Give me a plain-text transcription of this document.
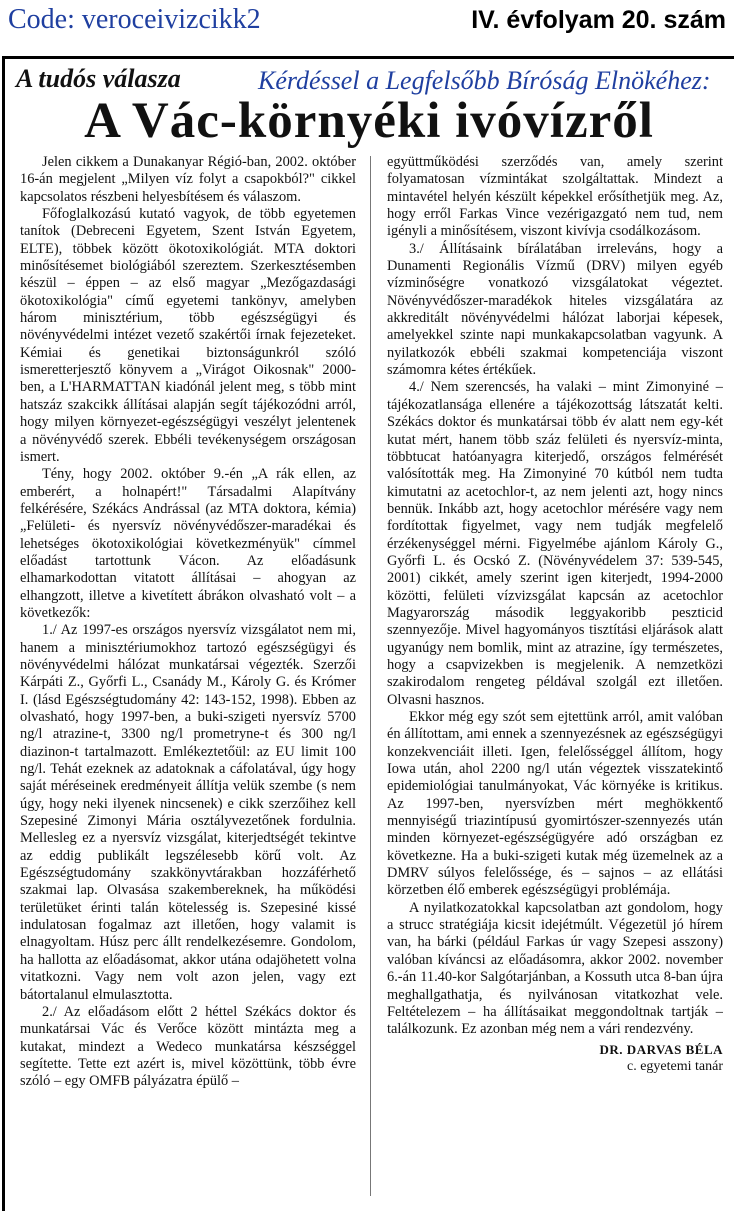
Code: veroceivizcikk2	IV. évfolyam 20. szám
A tudós válasza	Kérdéssel a Legfelsőbb Bíróság Elnökéhez:
A Vác-környéki ivóvízről

Jelen cikkem a Dunakanyar Régió-ban, 2002. október 16-án megjelent „Milyen víz folyt a csapokból?" cikkel kapcsolatos részbeni helyesbítésem és válaszom.

Főfoglalkozású kutató vagyok, de több egyetemen tanítok (Debreceni Egyetem, Szent István Egyetem, ELTE), többek között ökotoxikológiát. MTA doktori minősítésemet biológiából szereztem. Szerkesztésemben készül – éppen – az első magyar „Mezőgazdasági ökotoxikológia" című egyetemi tankönyv, amelyben három minisztérium, több egészségügyi és növényvédelmi intézet vezető szakértői írnak fejezeteket. Kémiai és genetikai biztonságunkról szóló ismeretterjesztő könyvem a „Virágot Oikosnak" 2000-ben, a L'HARMATTAN kiadónál jelent meg, s több mint hatszáz szakcikk állításai alapján segít tájékozódni arról, hogy milyen környezet-egészségügyi veszélyt jelentenek a növényvédő szerek. Ebbéli tevékenységem országosan ismert.

Tény, hogy 2002. október 9.-én „A rák ellen, az emberért, a holnapért!" Társadalmi Alapítvány felkérésére, Székács Andrással (az MTA doktora, kémia) „Felületi- és nyersvíz növényvédőszer-maradékai és lehetséges ökotoxikológiai következményük" címmel előadást tartottunk Vácon. Az előadásunk elhamarkodottan vitatott állításai – ahogyan az elhangzott, illetve a kivetített ábrákon olvasható volt – a következők:

1./ Az 1997-es országos nyersvíz vizsgálatot nem mi, hanem a minisztériumokhoz tartozó egészségügyi és növényvédelmi hálózat munkatársai végezték. Szerzői Kárpáti Z., Győrfi L., Csanády M., Károly G. és Krómer I. (lásd Egészségtudomány 42: 143-152, 1998). Ebben az olvasható, hogy 1997-ben, a buki-szigeti nyersvíz 5700 ng/l atrazine-t, 3300 ng/l prometryne-t és 300 ng/l diazinon-t tartalmazott. Emlékeztetőül: az EU limit 100 ng/l. Tehát ezeknek az adatoknak a cáfolatával, úgy hogy saját méréseinek eredményeit állítja velük szembe (s nem úgy, hogy neki ilyenek nincsenek) e cikk szerzőihez kell Szepesiné Zimonyi Mária osztályvezetőnek fordulnia. Mellesleg ez a nyersvíz vizsgálat, kiterjedtségét tekintve az eddig publikált legszélesebb körű volt. Az Egészségtudomány szakkönyvtárakban hozzáférhető szakmai lap. Olvasása szakembereknek, ha működési területüket érinti talán kötelesség is. Szepesiné kissé indulatosan fogalmaz azt illetően, hogy valamit is elnagyoltam. Húsz perc állt rendelkezésemre. Gondolom, ha hallotta az előadásomat, akkor utána odajöhetett volna vitatkozni. Vagy nem volt azon jelen, vagy ezt bátortalanul elmulasztotta.

2./ Az előadásom előtt 2 héttel Székács doktor és munkatársai Vác és Verőce között mintázta meg a kutakat, mindezt a Wedeco munkatársa készséggel segítette. Tette ezt azért is, mivel közöttünk, több évre szóló – egy OMFB pályázatra épülő –

együttműködési szerződés van, amely szerint folyamatosan vízmintákat szolgáltattak. Mindezt a mintavétel helyén készült képekkel erősíthetjük meg. Az, hogy erről Farkas Vince vezérigazgató nem tud, nem igényli a minősítésem, viszont kivívja csodálkozásom.

3./ Állításaink bírálatában irreleváns, hogy a Dunamenti Regionális Vízmű (DRV) milyen egyéb vízminőségre vonatkozó vizsgálatokat végeztet. Növényvédőszer-maradékok hiteles vizsgálatára az akkreditált növényvédelmi hálózat laborjai képesek, amelyekkel szinte napi munkakapcsolatban vagyunk. A nyilatkozók ebbéli szakmai kompetenciája viszont számomra kétes értékűek.

4./ Nem szerencsés, ha valaki – mint Zimonyiné – tájékozatlansága ellenére a tájékozottság látszatát kelti. Székács doktor és munkatársai több év alatt nem egy-két kutat mért, hanem több száz felületi és nyersvíz-minta, többtucat hatóanyagra kiterjedő, országos felmérését valósították meg. Ha Zimonyiné 70 kútból nem tudta kimutatni az acetochlor-t, az nem jelenti azt, hogy nincs bennük. Inkább azt, hogy acetochlor mérésére vagy nem fordítottak figyelmet, vagy nem tudják megfelelő érzékenységgel mérni. Figyelmébe ajánlom Károly G., Győrfi L. és Ocskó Z. (Növényvédelem 37: 539-545, 2001) cikkét, amely szerint igen kiterjedt, 1994-2000 közötti, felületi vízvizsgálat kapcsán az acetochlor Magyarország második leggyakoribb peszticid szennyezője. Mivel hagyományos tisztítási eljárások alatt ugyanúgy nem bomlik, mint az atrazine, így természetes, hogy a csapvizekben is megjelenik. A nemzetközi szakirodalom rengeteg példával szolgál ezt illetően. Olvasni hasznos.

Ekkor még egy szót sem ejtettünk arról, amit valóban én állítottam, ami ennek a szennyezésnek az egészségügyi konzekvenciáit illeti. Igen, felelősséggel állítom, hogy Iowa után, ahol 2200 ng/l után végeztek visszatekintő epidemiológiai tanulmányokat, Vác környéke is kritikus. Az 1997-ben, nyersvízben mért meghökkentő mennyiségű triazintípusú gyomirtószer-szennyezés után minden környezet-egészségügyére adó országban ez következne. Ha a buki-szigeti kutak még üzemelnek az a DMRV súlyos felelőssége, és – sajnos – az ellátási körzetben élő emberek egészségügyi problémája.

A nyilatkozatokkal kapcsolatban azt gondolom, hogy a strucc stratégiája kicsit idejétmúlt. Végezetül jó hírem van, ha bárki (például Farkas úr vagy Szepesi asszony) valóban kíváncsi az előadásomra, akkor 2002. november 6.-án 11.40-kor Salgótarjánban, a Kossuth utca 8-ban újra meghallgathatja, és nyilvánosan vitatkozhat vele. Feltételezem – ha állításaikat meggondoltnak tartják – találkozunk. Ez azonban még nem a vári rendezvény.

DR. DARVAS BÉLA
c. egyetemi tanár
